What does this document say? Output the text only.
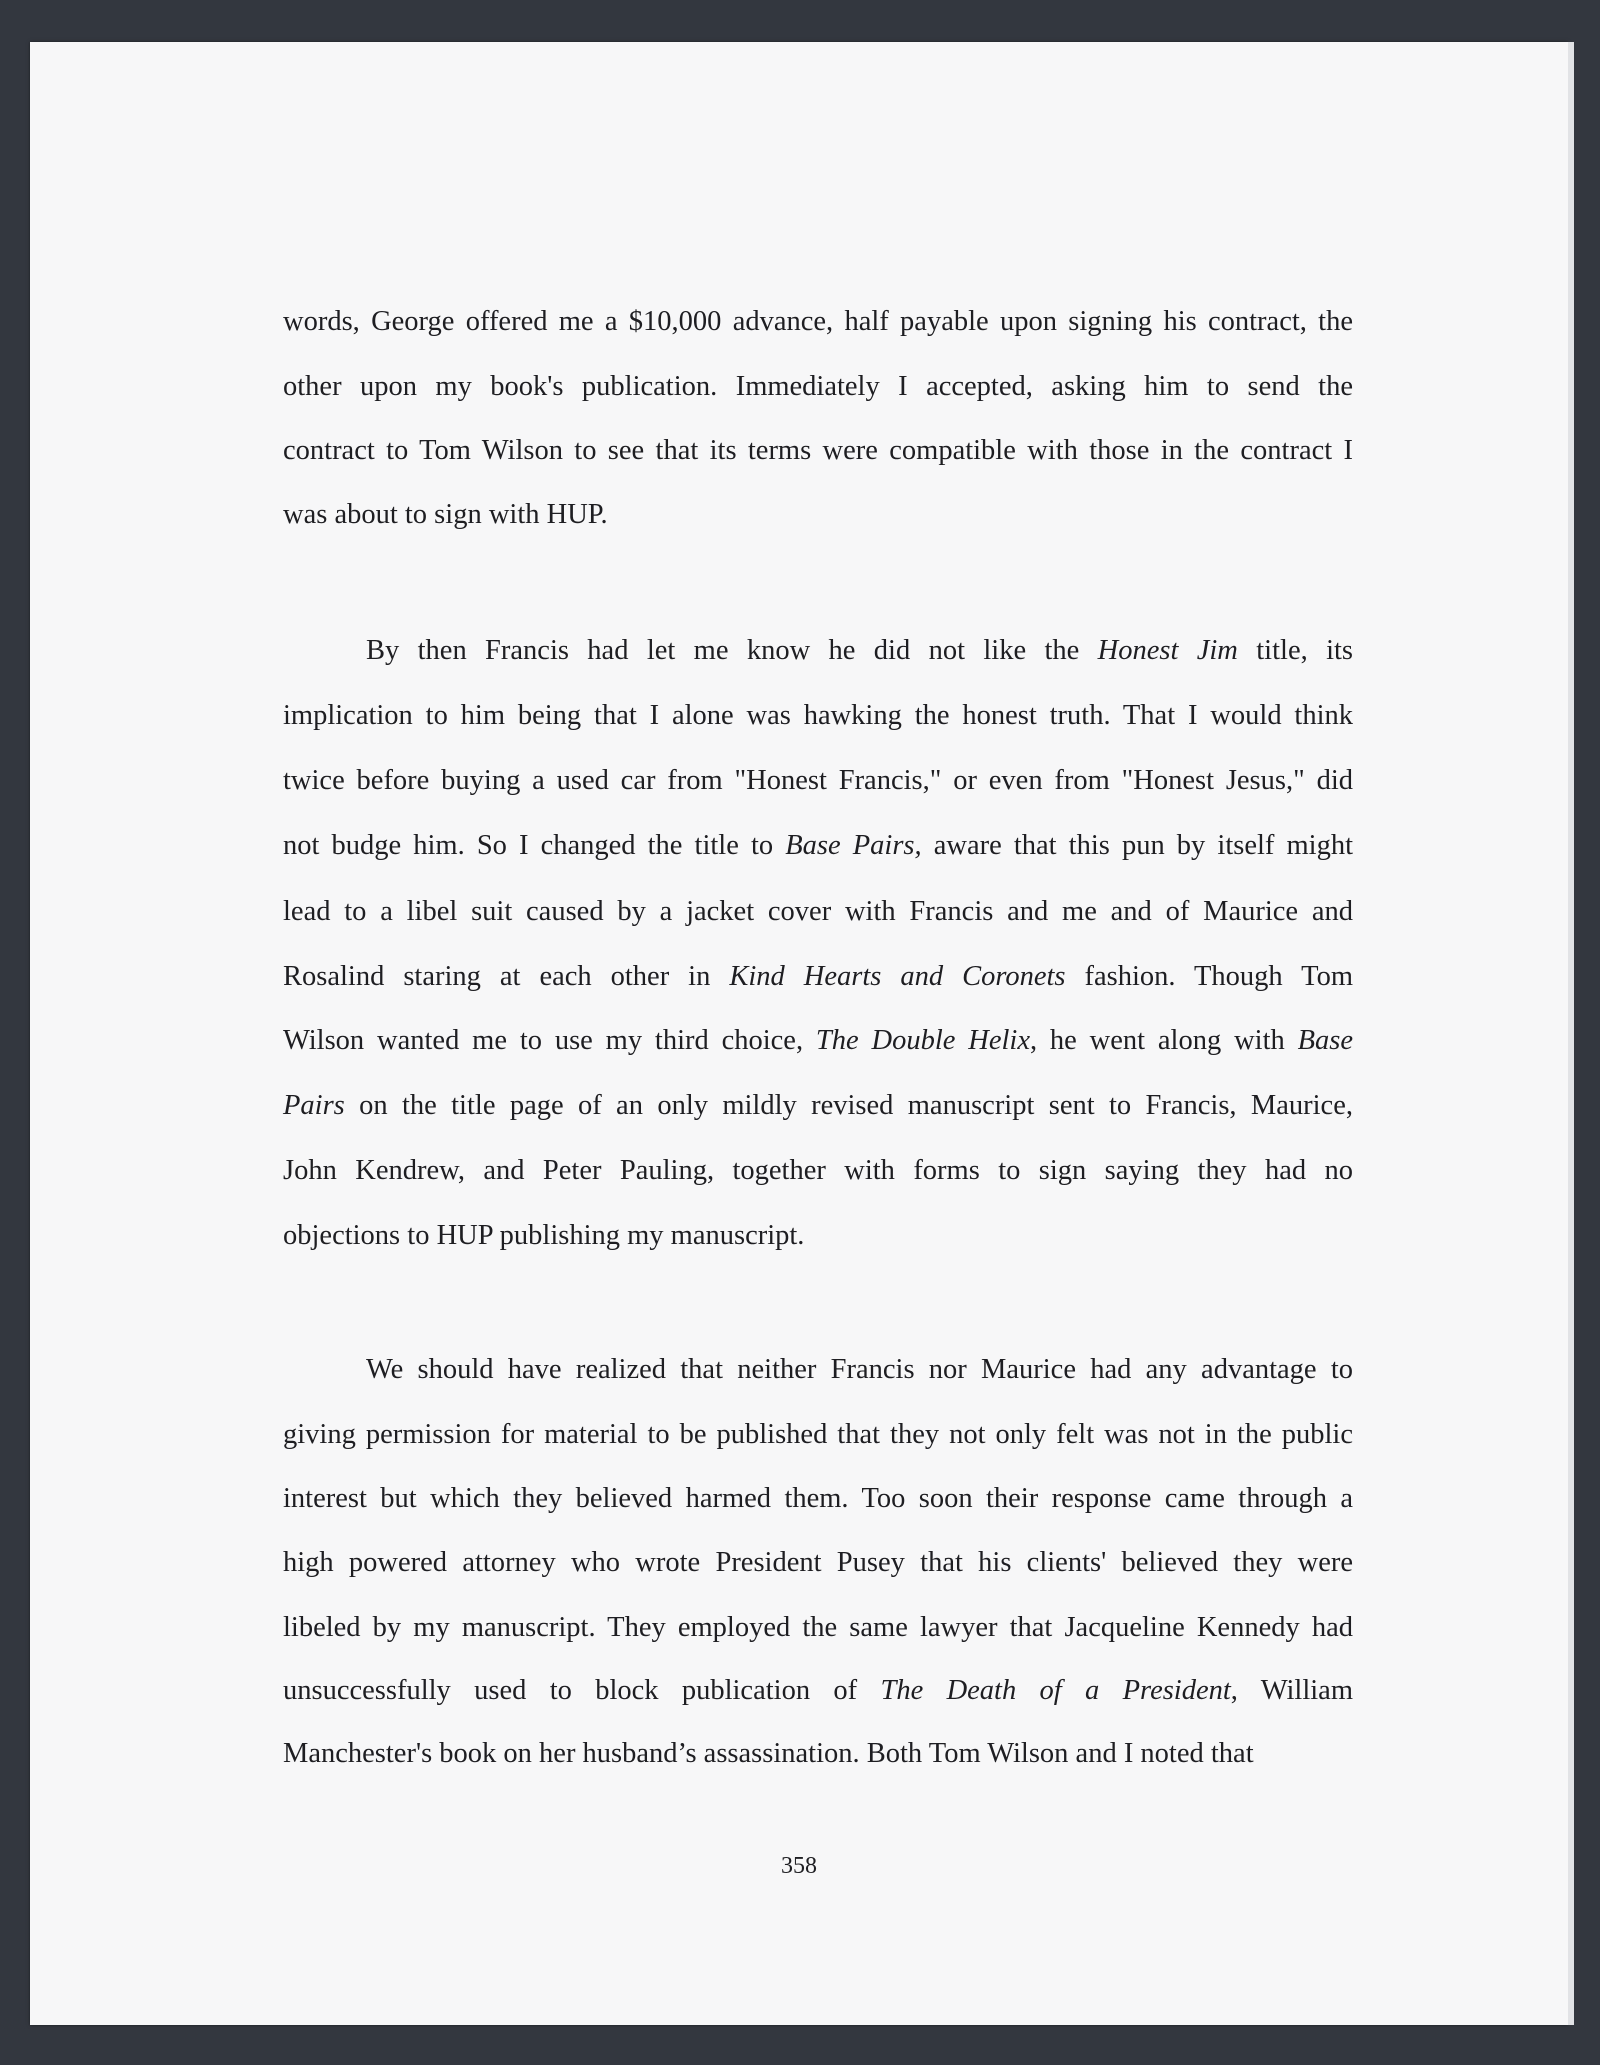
words, George offered me a $10,000 advance, half payable upon signing his contract, the
other upon my book's publication. Immediately I accepted, asking him to send the
contract to Tom Wilson to see that its terms were compatible with those in the contract I
was about to sign with HUP.
By then Francis had let me know he did not like the Honest Jim title, its
implication to him being that I alone was hawking the honest truth. That I would think
twice before buying a used car from "Honest Francis," or even from "Honest Jesus," did
not budge him. So I changed the title to Base Pairs, aware that this pun by itself might
lead to a libel suit caused by a jacket cover with Francis and me and of Maurice and
Rosalind staring at each other in Kind Hearts and Coronets fashion. Though Tom
Wilson wanted me to use my third choice, The Double Helix, he went along with Base
Pairs on the title page of an only mildly revised manuscript sent to Francis, Maurice,
John Kendrew, and Peter Pauling, together with forms to sign saying they had no
objections to HUP publishing my manuscript.
We should have realized that neither Francis nor Maurice had any advantage to
giving permission for material to be published that they not only felt was not in the public
interest but which they believed harmed them. Too soon their response came through a
high powered attorney who wrote President Pusey that his clients' believed they were
libeled by my manuscript. They employed the same lawyer that Jacqueline Kennedy had
unsuccessfully used to block publication of The Death of a President, William
Manchester's book on her husband’s assassination. Both Tom Wilson and I noted that
358
